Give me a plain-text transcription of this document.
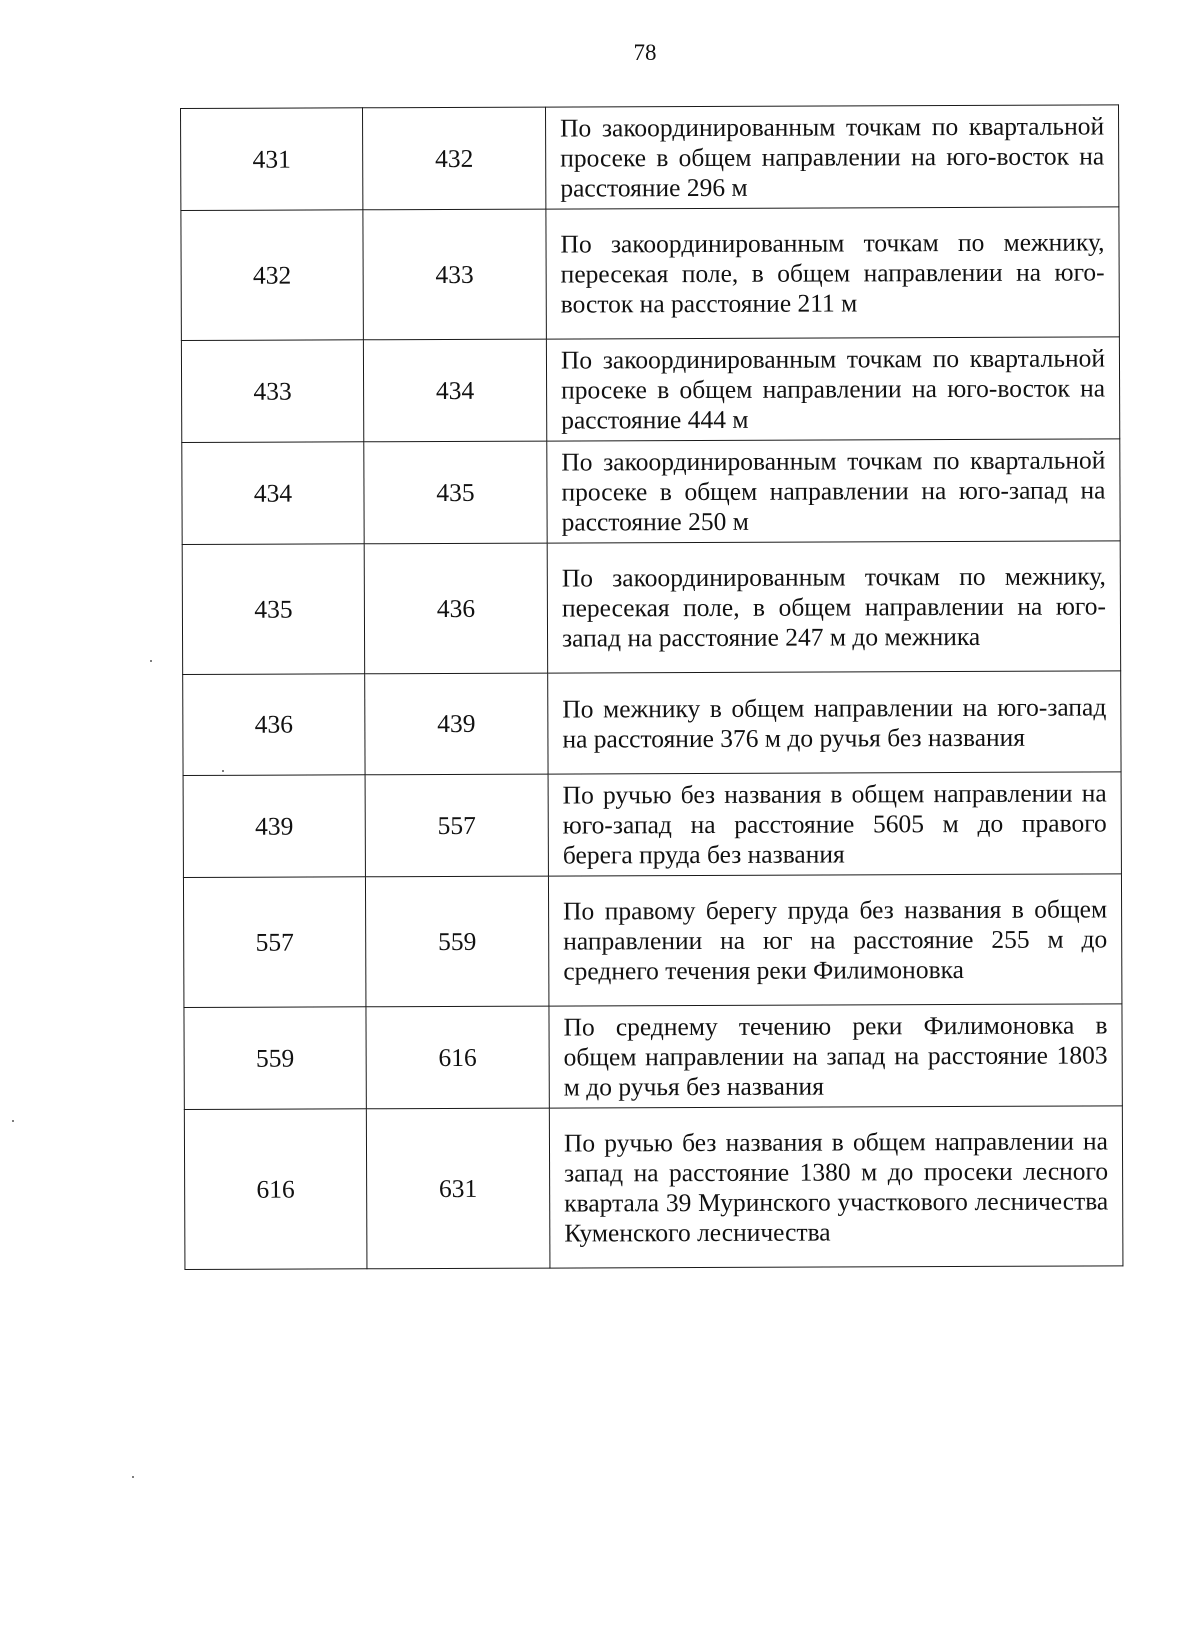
78
431	432	По закоординированным точкам по квартальной просеке в общем направлении на юго-восток на расстояние 296 м
432	433	По закоординированным точкам по межнику, пересекая поле, в общем направлении на юго-восток на расстояние 211 м
433	434	По закоординированным точкам по квартальной просеке в общем направлении на юго-восток на расстояние 444 м
434	435	По закоординированным точкам по квартальной просеке в общем направлении на юго-запад на расстояние 250 м
435	436	По закоординированным точкам по межнику, пересекая поле, в общем направлении на юго-запад на расстояние 247 м до межника
436	439	По межнику в общем направлении на юго-запад на расстояние 376 м до ручья без названия
439	557	По ручью без названия в общем направлении на юго-запад на расстояние 5605 м до правого берега пруда без названия
557	559	По правому берегу пруда без названия в общем направлении на юг на расстояние 255 м до среднего течения реки Филимоновка
559	616	По среднему течению реки Филимоновка в общем направлении на запад на расстояние 1803 м до ручья без названия
616	631	По ручью без названия в общем направлении на запад на расстояние 1380 м до просеки лесного квартала 39 Муринского участкового лесничества Куменского лесничества
